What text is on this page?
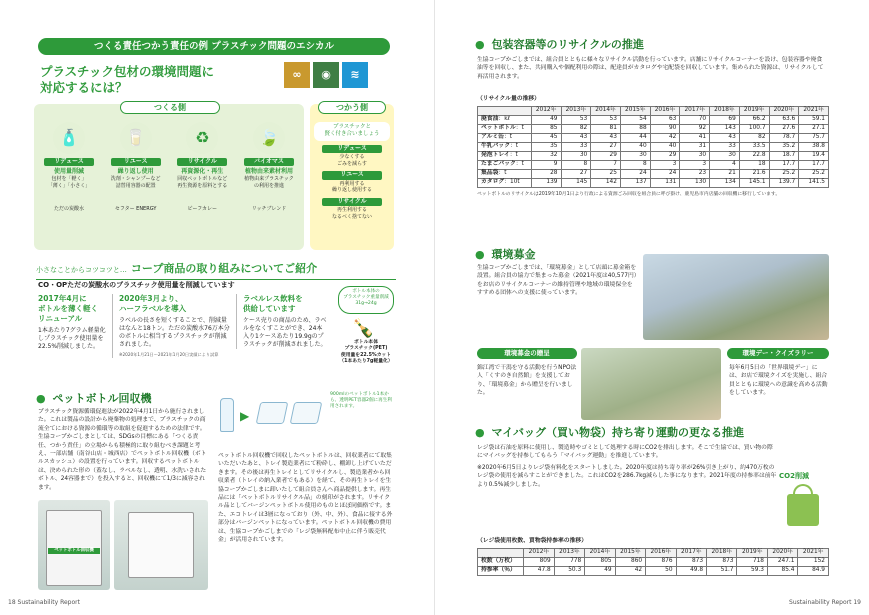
つくる責任つかう責任の例 プラスチック問題のエシカル
プラスチック包材の環境問題に
対応するには？
∞ ◉ ≋
つくる側
🧴
リデュース
使用量削減
包材を「軽く」
「薄く」「小さく」
ただの炭酸水
🥛
リユース
繰り返し使用
洗剤・シャンプーなど
詰替用容器の配置
セフター ENERGY
♻
リサイクル
再資源化・再生
回収ペットボトルなど
再生資源を原料とする
ビーフカレー
🍃
バイオマス
植物由来素材利用
植物由来プラスチック
の利用を推進
リッチブレンド
つかう側
プラスチックと
賢く付き合いましょう
リデュース
少なくする
ごみを減らす
リユース
再利用する
繰り返し使用する
リサイクル
再生利用する
なるべく捨てない
小さなことからコツコツと… コープ商品の取り組みについてご紹介
CO・OPただの炭酸水のプラスチック使用量を削減しています
2017年4月に
ボトルを薄く軽く
リニューアル
1本あたり7グラム軽量化しプラスチック使用量を22.5%削減しました。
2020年3月より、
ハーフラベルを導入
ラベルの長さを短くすることで、削減量はなんと18トン。ただの炭酸水76万本分のボトルに相当するプラスチックが削減されました。
※2020年1月21日〜2021年1月20日実績により試算
ラベルレス飲料を
供給しています
ケース売りの商品のため、ラベルをなくすことができ、24本入り1ケースあたり19.9gのプラスチックが削減されました。
ボトル本体の
プラスチック重量削減
31g→24g
🍾
ボトル本体
プラスチック(PET)
使用量を22.5%カット
（1本あたり7g軽量化）
● ペットボトル回収機
プラスチック資源循環促進法が2022年4月1日から施行されました。これは製品の設計から廃棄物の処理まで、プラスチックの商流全てにおける資源の循環等の取組を促進するための法律です。生協コープかごしまとしては、SDGsの目標にある「つくる責任、つかう責任」の立場からも積極的に取り組むべき課題と考え、一部店舗（南谷山店・城西店）でペットボトル回収機（ボトルスカッシュ）の設置を行っています。回収するペットボトルは、決められた形の（蓋なし、ラベルなし、透明、水洗いされたボトル、24容器まで）を投入すると、回収機にて1/3に減容されます。
▶
900mlのペットボトル1本から、透明PET容器2個に再生利用されます。
ペットボトル回収機で回収したペットボトルは、回収業者にて取集いただいたあと、トレイ製造業者にて粉砕し、棚卸し上げていただきます。その後は再生トレイとしてリサイクルし、製造業者から回収業者（トレイの納入業者でもある）を経て、その再生トレイを生協コープかごしまに卸いたして組合員さんへ商品提供します。再生品には「ペットボトルリサイクル品」の刻印がされます。リサイクル品としてバージンペットボトル使用のものとほぼ同価格です。また、エコトレイは3層になっており（外、中、外）、食品に接する外部分はバージンペットになっています。ペットボトル回収機の費用は、生協コープかごしまでの「レジ袋無料配布中止に伴う販売代金」が活用されています。
ペットボトル回収機
18 Sustainability Report
● 包装容器等のリサイクルの推進
生協コープかごしまでは、組合員とともに様々なリサイクル活動を行っています。店舗にリサイクルコーナーを設け、包装容器や廃食油等を回収し、また、共同購入や個配利用の際は、配達員がカタログや宅配袋を回収しています。集められた資源は、リサイクルして再活用されます。
（リサイクル量の推移）
	2012年	2013年	2014年	2015年	2016年	2017年	2018年	2019年	2020年	2021年
廃食油：kℓ	49	53	53	54	63	70	69	66.2	63.6	59.1
ペットボトル：t	85	82	81	88	90	92	143	100.7	27.6	27.1
アルミ缶：t	45	43	43	44	42	41	43	82	78.7	75.7
牛乳パック：t	35	33	27	40	40	31	33	33.5	35.2	38.8
発泡トレイ：t	32	30	29	30	29	30	30	22.8	18.7	19.4
たまごパック：t	9	8	7	8	3	3	4	18	17.7	17.7
集品袋：t	28	27	25	24	24	23	21	21.6	25.2	25.2
カタログ：10t	139	145	142	137	131	130	134	145.1	139.7	141.5
ペットボトルのリサイクルは2019年10月1日より行政による資源ごみ回収を組合員に呼び掛け、鹿児島市内店舗の回収機に移行しています。
● 環境募金
生協コープかごしまでは、「環境募金」として店頭に募金箱を設置。組合員の協力で集まった募金（2021年度は40,577円）をお店のリサイクルコーナーの維持管理や地域の環境保全をすすめる団体への支援に使っています。
環境募金の贈呈
錦江湾で干潟を守る活動を行うNPO法人「くすのき自然館」を支援しており、「環境募金」から贈呈を行いました。
環境デー・クイズラリー
毎年6月5日の「世界環境デー」には、お店で環境クイズを実施し、組合員とともに環境への意識を高める活動をしています。
● マイバッグ（買い物袋）持ち寄り運動の更なる推進
レジ袋は石油を原料に使用し、製造時やゴミとして処理する時にCO2を排出します。そこで生協では、買い物の際にマイバッグを持参してもらう「マイバッグ運動」を推進しています。
※2020年6月5日よりレジ袋有料化をスタートしました。2020年度は持ち寄り率が26%引き上がり、約470万枚のレジ袋の使用を減らすことができました。これはCO2を286.7kg減らした事になります。2021年度の持参率は前年より0.5%減少しました。
CO2削減
（レジ袋使用枚数、買物袋持参率の推移）
	2012年	2013年	2014年	2015年	2016年	2017年	2018年	2019年	2020年	2021年
枚数（万枚）	809	778	805	860	876	873	873	718	247.1	152
持参率（％）	47.8	50.3	49	42	50	49.8	51.7	59.3	85.4	84.9
Sustainability Report 19
